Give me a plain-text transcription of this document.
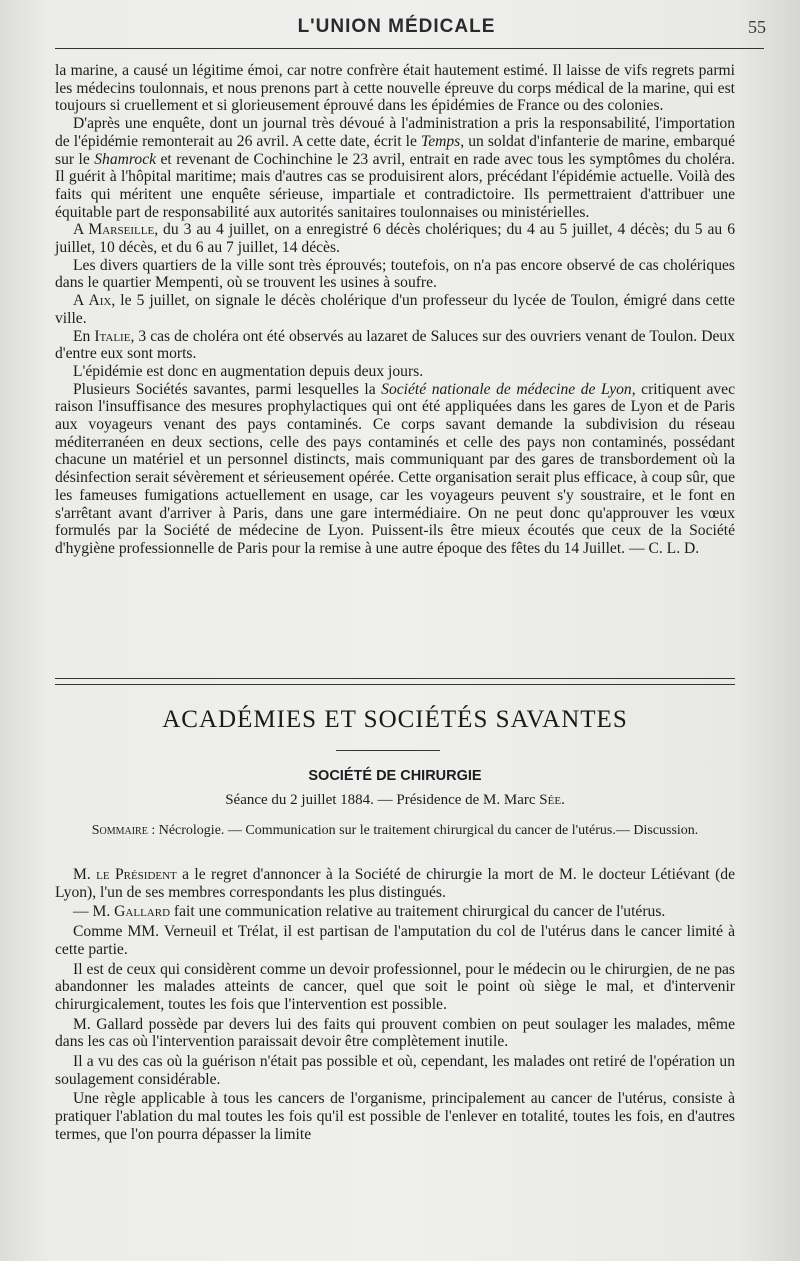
L'UNION MÉDICALE	55

la marine, a causé un légitime émoi, car notre confrère était hautement estimé. Il laisse de vifs regrets parmi les médecins toulonnais, et nous prenons part à cette nouvelle épreuve du corps médical de la marine, qui est toujours si cruellement et si glorieusement éprouvé dans les épidémies de France ou des colonies.

D'après une enquête, dont un journal très dévoué à l'administration a pris la responsabilité, l'importation de l'épidémie remonterait au 26 avril. A cette date, écrit le Temps, un soldat d'infanterie de marine, embarqué sur le Shamrock et revenant de Cochinchine le 23 avril, entrait en rade avec tous les symptômes du choléra. Il guérit à l'hôpital maritime; mais d'autres cas se produisirent alors, précédant l'épidémie actuelle. Voilà des faits qui méritent une enquête sérieuse, impartiale et contradictoire. Ils permettraient d'attribuer une équitable part de responsabilité aux autorités sanitaires toulonnaises ou ministérielles.

A Marseille, du 3 au 4 juillet, on a enregistré 6 décès cholériques; du 4 au 5 juillet, 4 décès; du 5 au 6 juillet, 10 décès, et du 6 au 7 juillet, 14 décès.

Les divers quartiers de la ville sont très éprouvés; toutefois, on n'a pas encore observé de cas cholériques dans le quartier Mempenti, où se trouvent les usines à soufre.

A Aix, le 5 juillet, on signale le décès cholérique d'un professeur du lycée de Toulon, émigré dans cette ville.

En Italie, 3 cas de choléra ont été observés au lazaret de Saluces sur des ouvriers venant de Toulon. Deux d'entre eux sont morts.

L'épidémie est donc en augmentation depuis deux jours.

Plusieurs Sociétés savantes, parmi lesquelles la Société nationale de médecine de Lyon, critiquent avec raison l'insuffisance des mesures prophylactiques qui ont été appliquées dans les gares de Lyon et de Paris aux voyageurs venant des pays contaminés. Ce corps savant demande la subdivision du réseau méditerranéen en deux sections, celle des pays contaminés et celle des pays non contaminés, possédant chacune un matériel et un personnel distincts, mais communiquant par des gares de transbordement où la désinfection serait sévèrement et sérieusement opérée. Cette organisation serait plus efficace, à coup sûr, que les fameuses fumigations actuellement en usage, car les voyageurs peuvent s'y soustraire, et le font en s'arrêtant avant d'arriver à Paris, dans une gare intermédiaire. On ne peut donc qu'approuver les vœux formulés par la Société de médecine de Lyon. Puissent-ils être mieux écoutés que ceux de la Société d'hygiène professionnelle de Paris pour la remise à une autre époque des fêtes du 14 Juillet. — C. L. D.

ACADÉMIES ET SOCIÉTÉS SAVANTES
SOCIÉTÉ DE CHIRURGIE
Séance du 2 juillet 1884. — Présidence de M. Marc Sée.
Sommaire : Nécrologie. — Communication sur le traitement chirurgical du cancer de l'utérus.— Discussion.

M. le Président a le regret d'annoncer à la Société de chirurgie la mort de M. le docteur Létiévant (de Lyon), l'un de ses membres correspondants les plus distingués.

— M. Gallard fait une communication relative au traitement chirurgical du cancer de l'utérus.

Comme MM. Verneuil et Trélat, il est partisan de l'amputation du col de l'utérus dans le cancer limité à cette partie.

Il est de ceux qui considèrent comme un devoir professionnel, pour le médecin ou le chirurgien, de ne pas abandonner les malades atteints de cancer, quel que soit le point où siège le mal, et d'intervenir chirurgicalement, toutes les fois que l'intervention est possible.

M. Gallard possède par devers lui des faits qui prouvent combien on peut soulager les malades, même dans les cas où l'intervention paraissait devoir être complètement inutile.

Il a vu des cas où la guérison n'était pas possible et où, cependant, les malades ont retiré de l'opération un soulagement considérable.

Une règle applicable à tous les cancers de l'organisme, principalement au cancer de l'utérus, consiste à pratiquer l'ablation du mal toutes les fois qu'il est possible de l'enlever en totalité, toutes les fois, en d'autres termes, que l'on pourra dépasser la limite
